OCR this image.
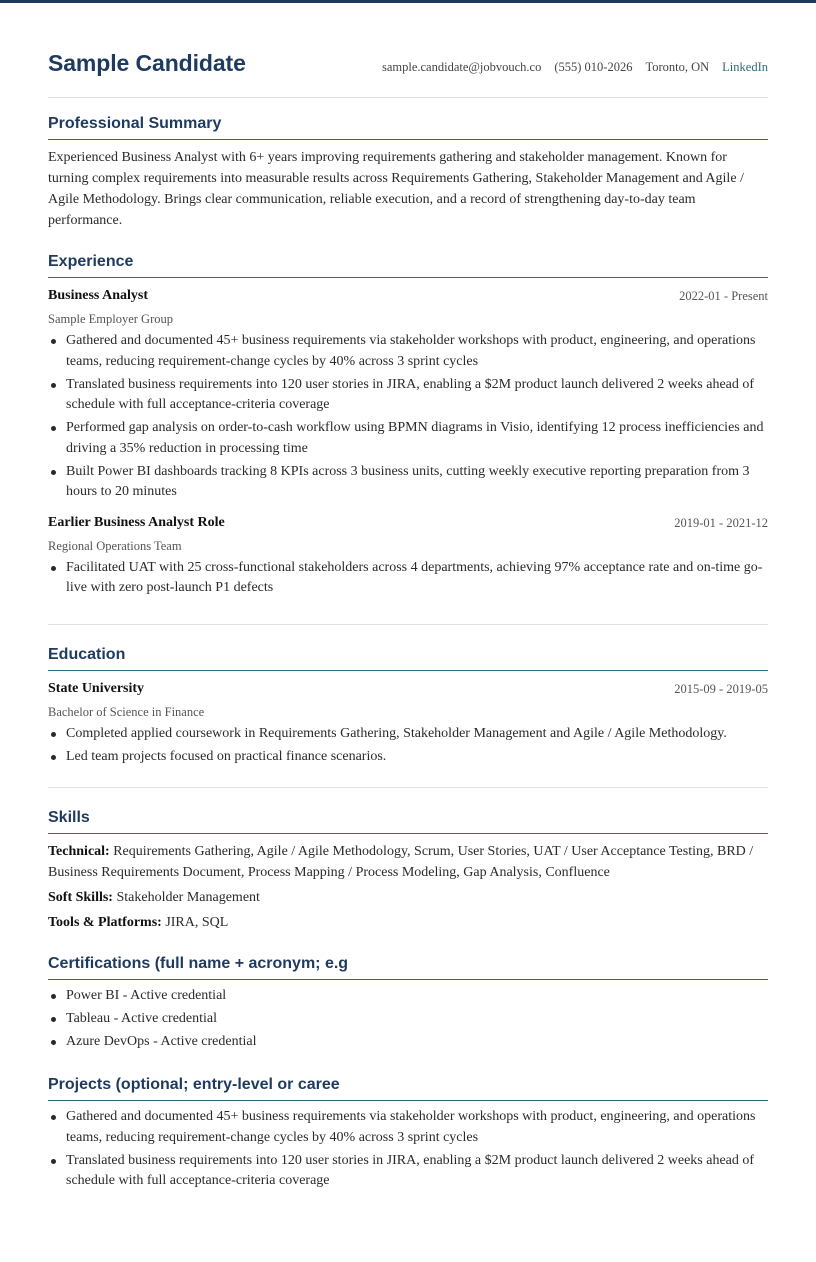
Sample Candidate	sample.candidate@jobvouch.co (555) 010-2026 Toronto, ON LinkedIn
Professional Summary

Experienced Business Analyst with 6+ years improving requirements gathering and stakeholder management. Known for turning complex requirements into measurable results across Requirements Gathering, Stakeholder Management and Agile / Agile Methodology. Brings clear communication, reliable execution, and a record of strengthening day-to-day team performance.

Experience
Business Analyst	2022-01 - Present
Sample Employer Group
Gathered and documented 45+ business requirements via stakeholder workshops with product, engineering, and operations teams, reducing requirement-change cycles by 40% across 3 sprint cycles
Translated business requirements into 120 user stories in JIRA, enabling a $2M product launch delivered 2 weeks ahead of schedule with full acceptance-criteria coverage
Performed gap analysis on order-to-cash workflow using BPMN diagrams in Visio, identifying 12 process inefficiencies and driving a 35% reduction in processing time
Built Power BI dashboards tracking 8 KPIs across 3 business units, cutting weekly executive reporting preparation from 3 hours to 20 minutes
Earlier Business Analyst Role	2019-01 - 2021-12
Regional Operations Team
Facilitated UAT with 25 cross-functional stakeholders across 4 departments, achieving 97% acceptance rate and on-time go-live with zero post-launch P1 defects
Education
State University	2015-09 - 2019-05
Bachelor of Science in Finance
Completed applied coursework in Requirements Gathering, Stakeholder Management and Agile / Agile Methodology.
Led team projects focused on practical finance scenarios.
Skills
Technical: Requirements Gathering, Agile / Agile Methodology, Scrum, User Stories, UAT / User Acceptance Testing, BRD / Business Requirements Document, Process Mapping / Process Modeling, Gap Analysis, Confluence
Soft Skills: Stakeholder Management
Tools & Platforms: JIRA, SQL
Certifications (full name + acronym; e.g
Power BI - Active credential
Tableau - Active credential
Azure DevOps - Active credential
Projects (optional; entry-level or caree
Gathered and documented 45+ business requirements via stakeholder workshops with product, engineering, and operations teams, reducing requirement-change cycles by 40% across 3 sprint cycles
Translated business requirements into 120 user stories in JIRA, enabling a $2M product launch delivered 2 weeks ahead of schedule with full acceptance-criteria coverage
